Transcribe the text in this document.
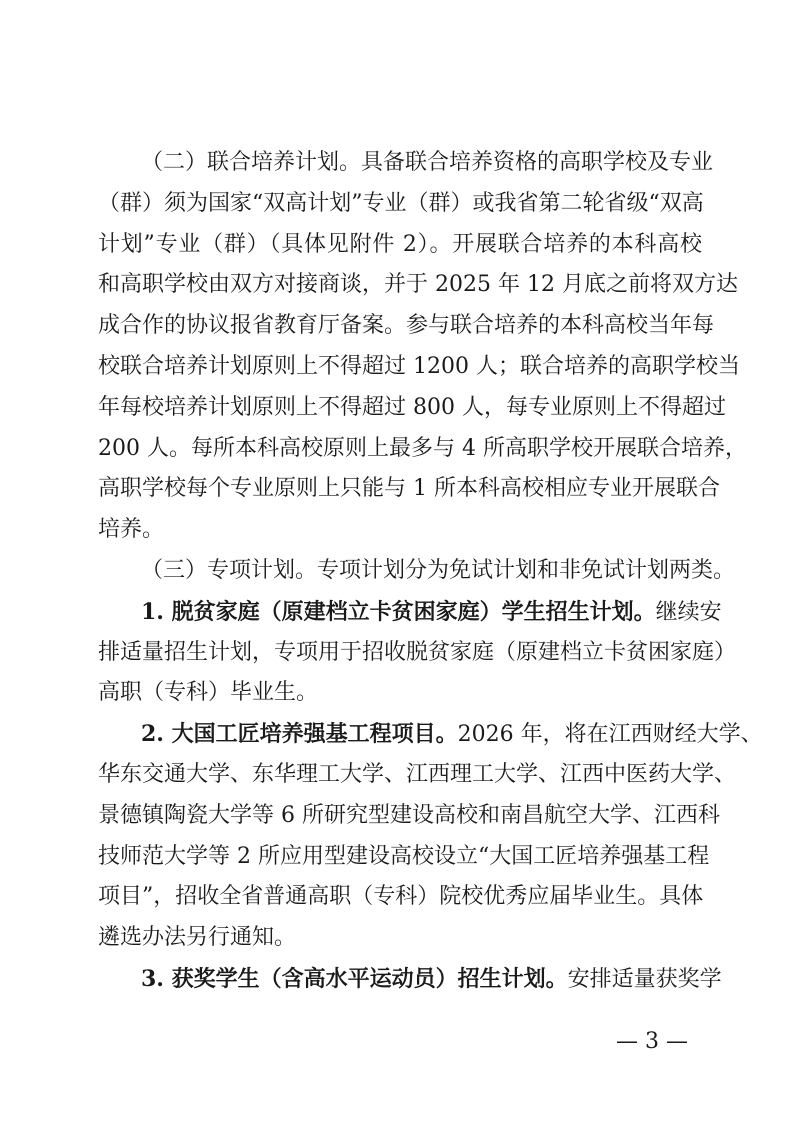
（二）联合培养计划。具备联合培养资格的高职学校及专业
（群）须为国家“双高计划”专业（群）或我省第二轮省级“双高
计划”专业（群）（具体见附件 2）。开展联合培养的本科高校
和高职学校由双方对接商谈，并于 2025 年 12 月底之前将双方达
成合作的协议报省教育厅备案。参与联合培养的本科高校当年每
校联合培养计划原则上不得超过 1200 人；联合培养的高职学校当
年每校培养计划原则上不得超过 800 人，每专业原则上不得超过
200 人。每所本科高校原则上最多与 4 所高职学校开展联合培养，
高职学校每个专业原则上只能与 1 所本科高校相应专业开展联合
培养。
（三）专项计划。专项计划分为免试计划和非免试计划两类。
1. 脱贫家庭（原建档立卡贫困家庭）学生招生计划。继续安
排适量招生计划，专项用于招收脱贫家庭（原建档立卡贫困家庭）
高职（专科）毕业生。
2. 大国工匠培养强基工程项目。2026 年，将在江西财经大学、
华东交通大学、东华理工大学、江西理工大学、江西中医药大学、
景德镇陶瓷大学等 6 所研究型建设高校和南昌航空大学、江西科
技师范大学等 2 所应用型建设高校设立“大国工匠培养强基工程
项目”，招收全省普通高职（专科）院校优秀应届毕业生。具体
遴选办法另行通知。
3. 获奖学生（含高水平运动员）招生计划。安排适量获奖学
— 3 —
